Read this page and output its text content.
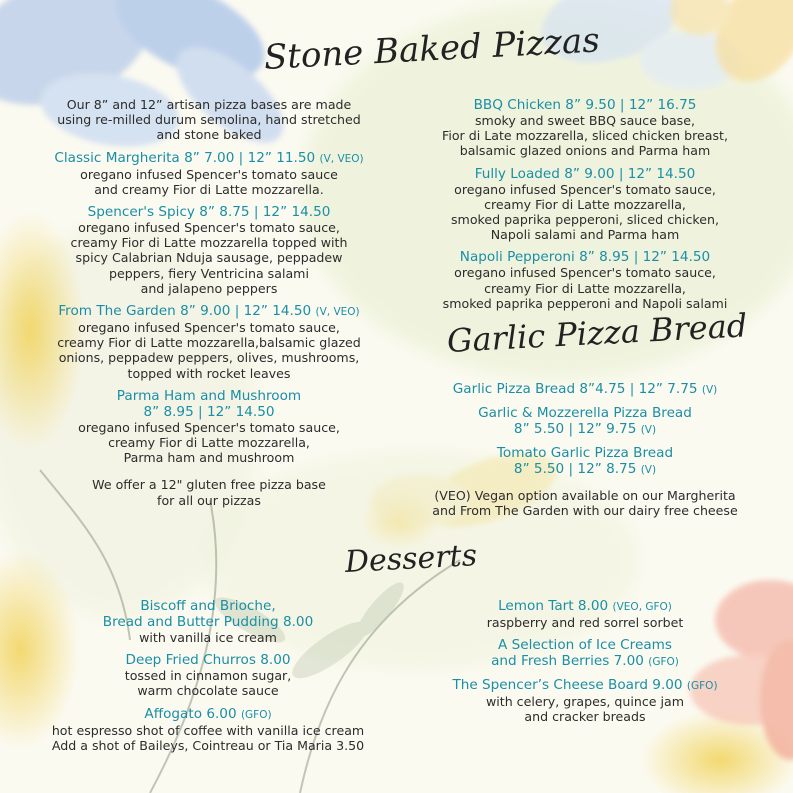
Stone Baked Pizzas
Garlic Pizza Bread
Desserts
Our 8” and 12” artisan pizza bases are made
using re-milled durum semolina, hand stretched
and stone baked
Classic Margherita 8” 7.00 | 12” 11.50 (V, VEO)
oregano infused Spencer's tomato sauce
and creamy Fior di Latte mozzarella.
Spencer's Spicy 8” 8.75 | 12” 14.50
oregano infused Spencer's tomato sauce,
creamy Fior di Latte mozzarella topped with
spicy Calabrian Nduja sausage, peppadew
peppers, fiery Ventricina salami
and jalapeno peppers
From The Garden 8” 9.00 | 12” 14.50 (V, VEO)
oregano infused Spencer's tomato sauce,
creamy Fior di Latte mozzarella,balsamic glazed
onions, peppadew peppers, olives, mushrooms,
topped with rocket leaves
Parma Ham and Mushroom
8” 8.95 | 12” 14.50
oregano infused Spencer's tomato sauce,
creamy Fior di Latte mozzarella,
Parma ham and mushroom
We offer a 12" gluten free pizza base
for all our pizzas
BBQ Chicken 8” 9.50 | 12” 16.75
smoky and sweet BBQ sauce base,
Fior di Late mozzarella, sliced chicken breast,
balsamic glazed onions and Parma ham
Fully Loaded 8” 9.00 | 12” 14.50
oregano infused Spencer's tomato sauce,
creamy Fior di Latte mozzarella,
smoked paprika pepperoni, sliced chicken,
Napoli salami and Parma ham
Napoli Pepperoni 8” 8.95 | 12” 14.50
oregano infused Spencer's tomato sauce,
creamy Fior di Latte mozzarella,
smoked paprika pepperoni and Napoli salami
Garlic Pizza Bread 8”4.75 | 12” 7.75 (V)
Garlic & Mozzerella Pizza Bread
8” 5.50 | 12” 9.75 (V)
Tomato Garlic Pizza Bread
8” 5.50 | 12” 8.75 (V)
(VEO) Vegan option available on our Margherita
and From The Garden with our dairy free cheese
Biscoff and Brioche,
Bread and Butter Pudding 8.00
with vanilla ice cream
Deep Fried Churros 8.00
tossed in cinnamon sugar,
warm chocolate sauce
Affogato 6.00 (GFO)
hot espresso shot of coffee with vanilla ice cream
Add a shot of Baileys, Cointreau or Tia Maria 3.50
Lemon Tart 8.00 (VEO, GFO)
raspberry and red sorrel sorbet
A Selection of Ice Creams
and Fresh Berries 7.00 (GFO)
The Spencer’s Cheese Board 9.00 (GFO)
with celery, grapes, quince jam
and cracker breads
